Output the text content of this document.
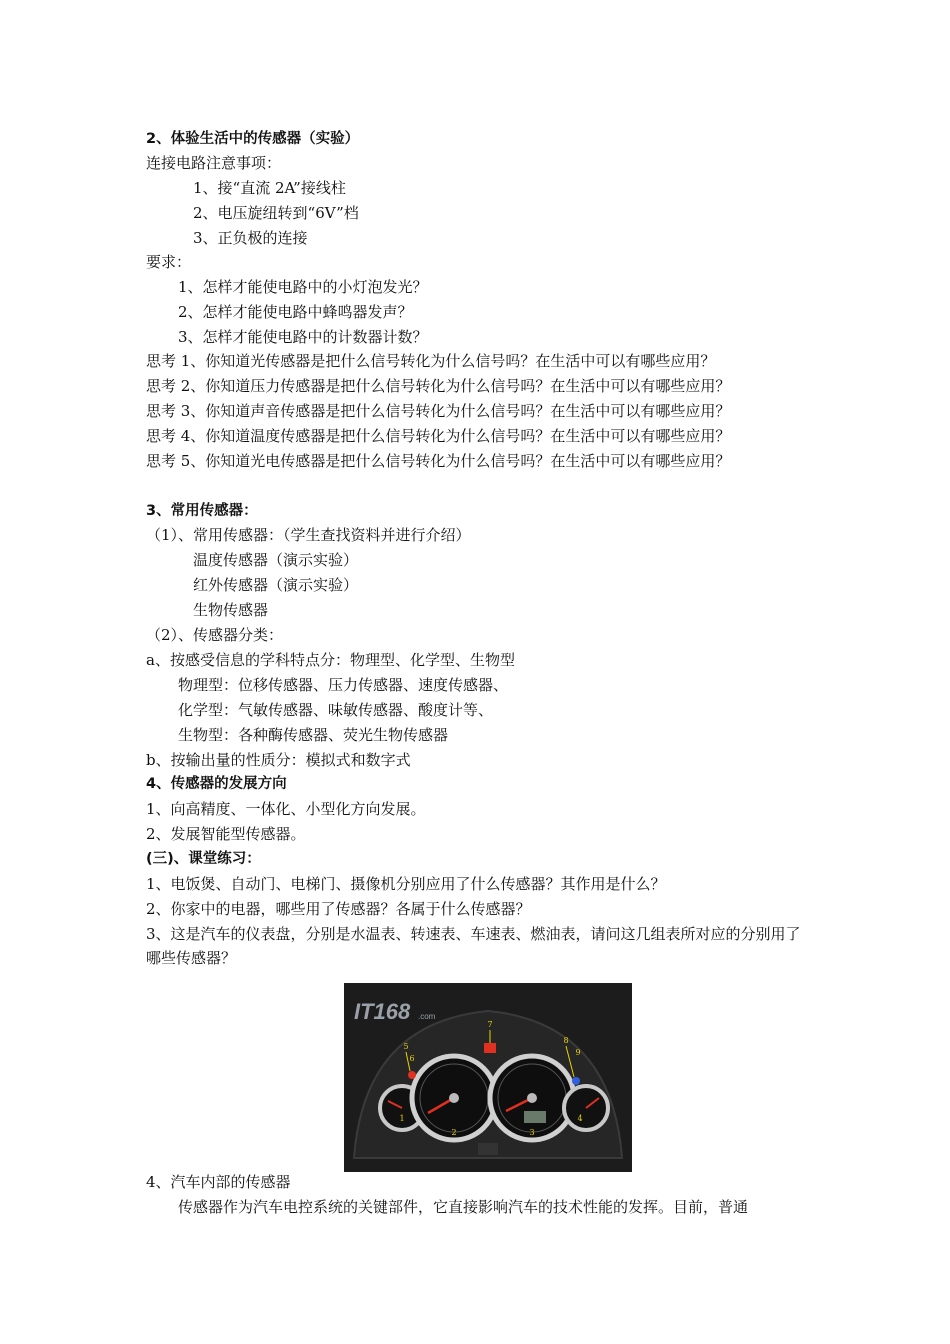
2、体验生活中的传感器（实验）
连接电路注意事项：
1、接“直流 2A”接线柱
2、电压旋纽转到“6V”档
3、正负极的连接
要求：
1、怎样才能使电路中的小灯泡发光？
2、怎样才能使电路中蜂鸣器发声？
3、怎样才能使电路中的计数器计数？
思考 1、你知道光传感器是把什么信号转化为什么信号吗？在生活中可以有哪些应用？
思考 2、你知道压力传感器是把什么信号转化为什么信号吗？在生活中可以有哪些应用？
思考 3、你知道声音传感器是把什么信号转化为什么信号吗？在生活中可以有哪些应用？
思考 4、你知道温度传感器是把什么信号转化为什么信号吗？在生活中可以有哪些应用？
思考 5、你知道光电传感器是把什么信号转化为什么信号吗？在生活中可以有哪些应用？
3、常用传感器：
（1）、常用传感器：（学生查找资料并进行介绍）
温度传感器（演示实验）
红外传感器（演示实验）
生物传感器
（2）、传感器分类：
a、按感受信息的学科特点分：物理型、化学型、生物型
物理型：位移传感器、压力传感器、速度传感器、
化学型：气敏传感器、味敏传感器、酸度计等、
生物型：各种酶传感器、荧光生物传感器
b、按输出量的性质分：模拟式和数字式
4、传感器的发展方向
1、向高精度、一体化、小型化方向发展。
2、发展智能型传感器。
(三)、课堂练习：
1、电饭煲、自动门、电梯门、摄像机分别应用了什么传感器？其作用是什么？
2、你家中的电器，哪些用了传感器？各属于什么传感器？
3、这是汽车的仪表盘，分别是水温表、转速表、车速表、燃油表，请问这几组表所对应的分别用了哪些传感器？
IT168 .com
1
2	3
4
5
6
7
8
9
4、汽车内部的传感器
传感器作为汽车电控系统的关键部件，它直接影响汽车的技术性能的发挥。目前，普通
